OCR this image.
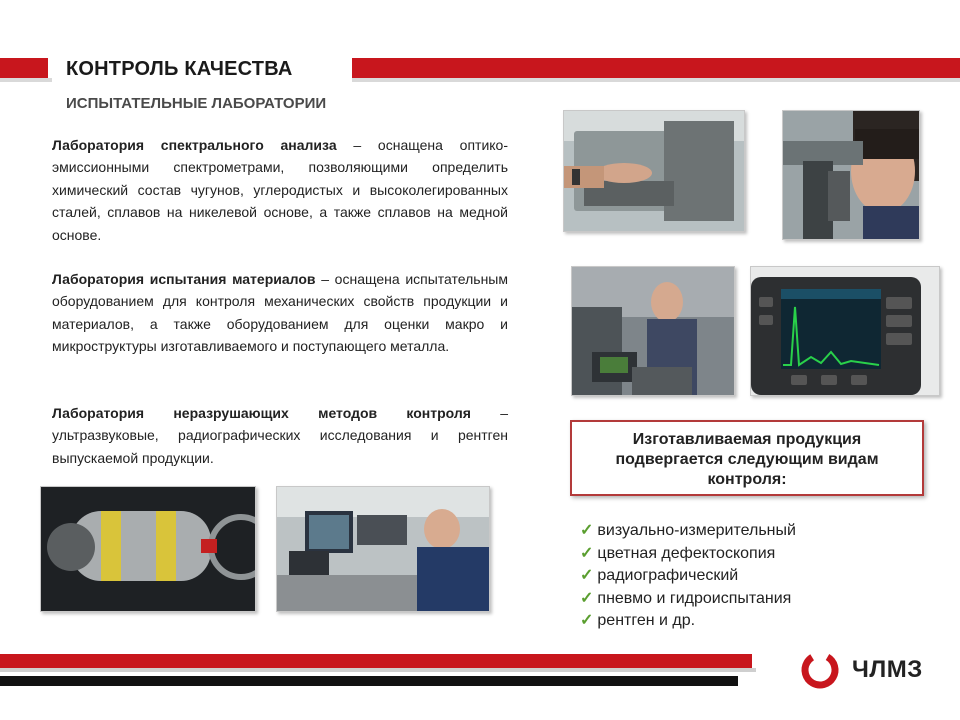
КОНТРОЛЬ КАЧЕСТВА
ИСПЫТАТЕЛЬНЫЕ ЛАБОРАТОРИИ
Лаборатория спектрального анализа – оснащена оптико-эмиссионными спектрометрами, позволяющими определить химический состав чугунов, углеродистых и высоколегированных сталей, сплавов на никелевой основе, а также сплавов на медной основе.
Лаборатория испытания материалов – оснащена испытательным оборудованием для контроля механических свойств продукции и материалов, а также оборудованием для оценки макро и микроструктуры изготавливаемого и поступающего металла.
Лаборатория неразрушающих методов контроля – ультразвуковые, радиографических исследования и рентген выпускаемой продукции.
Изготавливаемая продукция
подвергается следующим видам
контроля:
✓ визуально-измерительный
✓ цветная дефектоскопия
✓ радиографический
✓ пневмо и гидроиспытания
✓ рентген и др.
ЧЛМЗ
